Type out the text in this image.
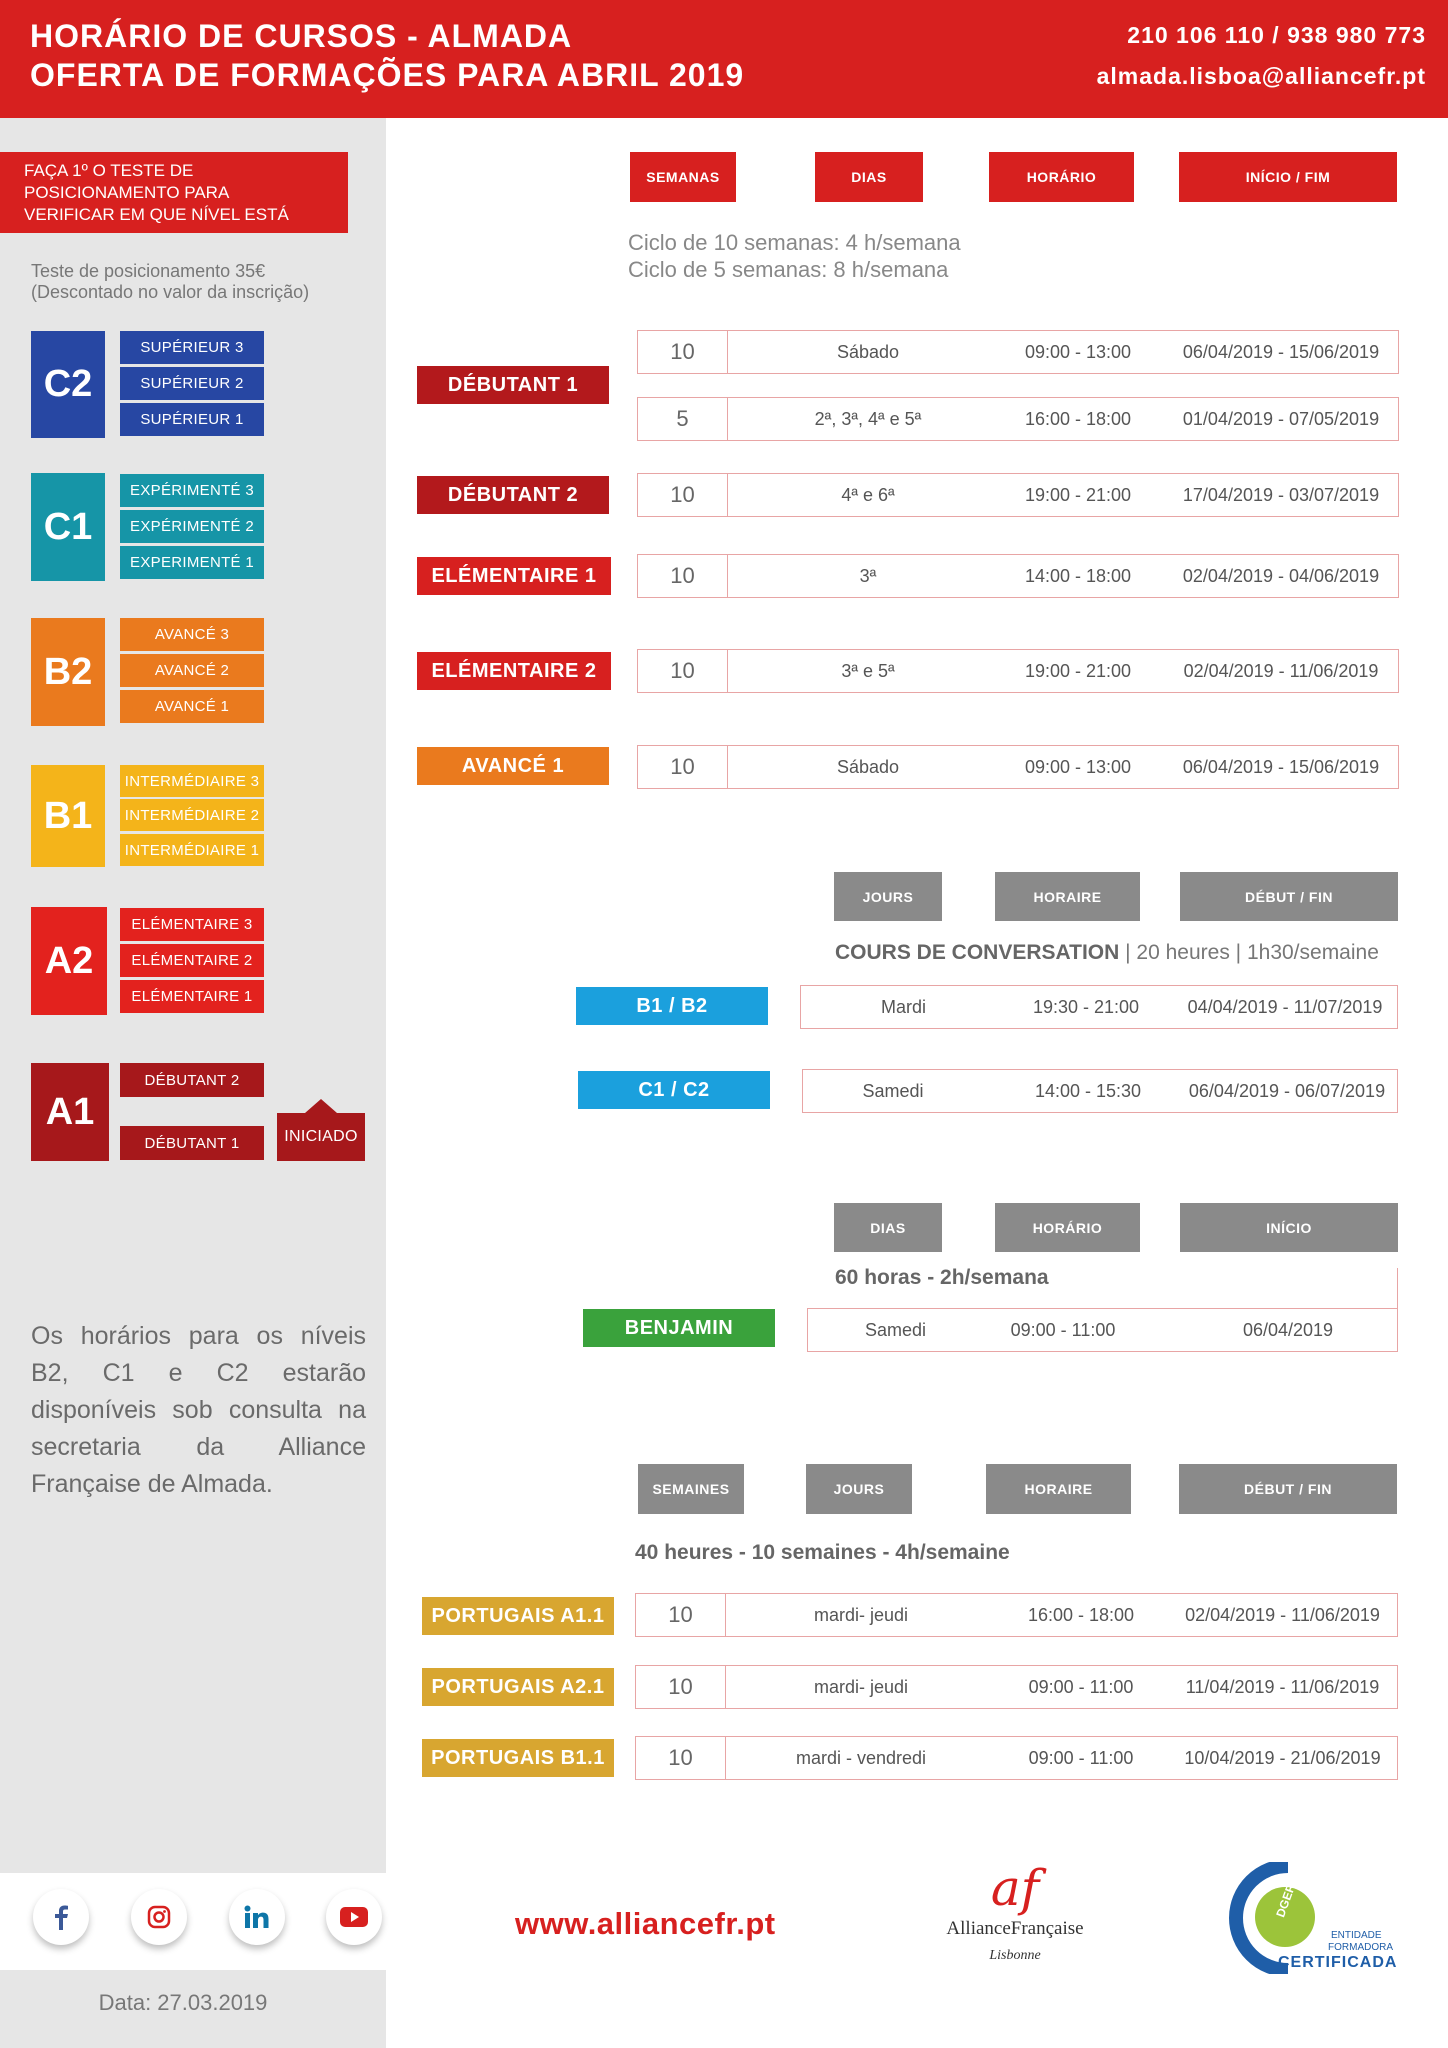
HORÁRIO DE CURSOS - ALMADA
OFERTA DE FORMAÇÕES PARA ABRIL 2019
210 106 110 / 938 980 773
almada.lisboa@alliancefr.pt
FAÇA 1º O TESTE DE
POSICIONAMENTO PARA
VERIFICAR EM QUE NÍVEL ESTÁ
Teste de posicionamento 35€
(Descontado no valor da inscrição)
C2
SUPÉRIEUR 3
SUPÉRIEUR 2
SUPÉRIEUR 1
C1
EXPÉRIMENTÉ 3
EXPÉRIMENTÉ 2
EXPERIMENTÉ 1
B2
AVANCÉ 3
AVANCÉ 2
AVANCÉ 1
B1
INTERMÉDIAIRE 3
INTERMÉDIAIRE 2
INTERMÉDIAIRE 1
A2
ELÉMENTAIRE 3
ELÉMENTAIRE 2
ELÉMENTAIRE 1
A1
DÉBUTANT 2
DÉBUTANT 1	INICIADO
Os horários para os níveis B2, C1 e C2 estarão disponíveis sob consulta na secretaria da Alliance Française de Almada.
Data: 27.03.2019
SEMANAS	DIAS	HORÁRIO	INÍCIO / FIM
Ciclo de 10 semanas: 4 h/semana
Ciclo de 5 semanas: 8 h/semana
DÉBUTANT 1
10	Sábado	09:00 - 13:00	06/04/2019 - 15/06/2019
5	2ª, 3ª, 4ª e 5ª	16:00 - 18:00	01/04/2019 - 07/05/2019
DÉBUTANT 2	10	4ª e 6ª	19:00 - 21:00	17/04/2019 - 03/07/2019
ELÉMENTAIRE 1	10	3ª	14:00 - 18:00	02/04/2019 - 04/06/2019
ELÉMENTAIRE 2	10	3ª e 5ª	19:00 - 21:00	02/04/2019 - 11/06/2019
AVANCÉ 1	10	Sábado	09:00 - 13:00	06/04/2019 - 15/06/2019
JOURS	HORAIRE	DÉBUT / FIN
COURS DE CONVERSATION | 20 heures | 1h30/semaine
B1 / B2	Mardi	19:30 - 21:00	04/04/2019 - 11/07/2019
C1 / C2	Samedi	14:00 - 15:30	06/04/2019 - 06/07/2019
DIAS	HORÁRIO	INÍCIO
60 horas - 2h/semana
BENJAMIN	Samedi	09:00 - 11:00	06/04/2019
SEMAINES	JOURS	HORAIRE	DÉBUT / FIN
40 heures - 10 semaines - 4h/semaine
PORTUGAIS A1.1	10	mardi- jeudi	16:00 - 18:00	02/04/2019 - 11/06/2019
PORTUGAIS A2.1	10	mardi- jeudi	09:00 - 11:00	11/04/2019 - 11/06/2019
PORTUGAIS B1.1	10	mardi - vendredi	09:00 - 11:00	10/04/2019 - 21/06/2019
www.alliancefr.pt
af
AllianceFrançaise
Lisbonne
DGERT
ENTIDADE
FORMADORA
CERTIFICADA
